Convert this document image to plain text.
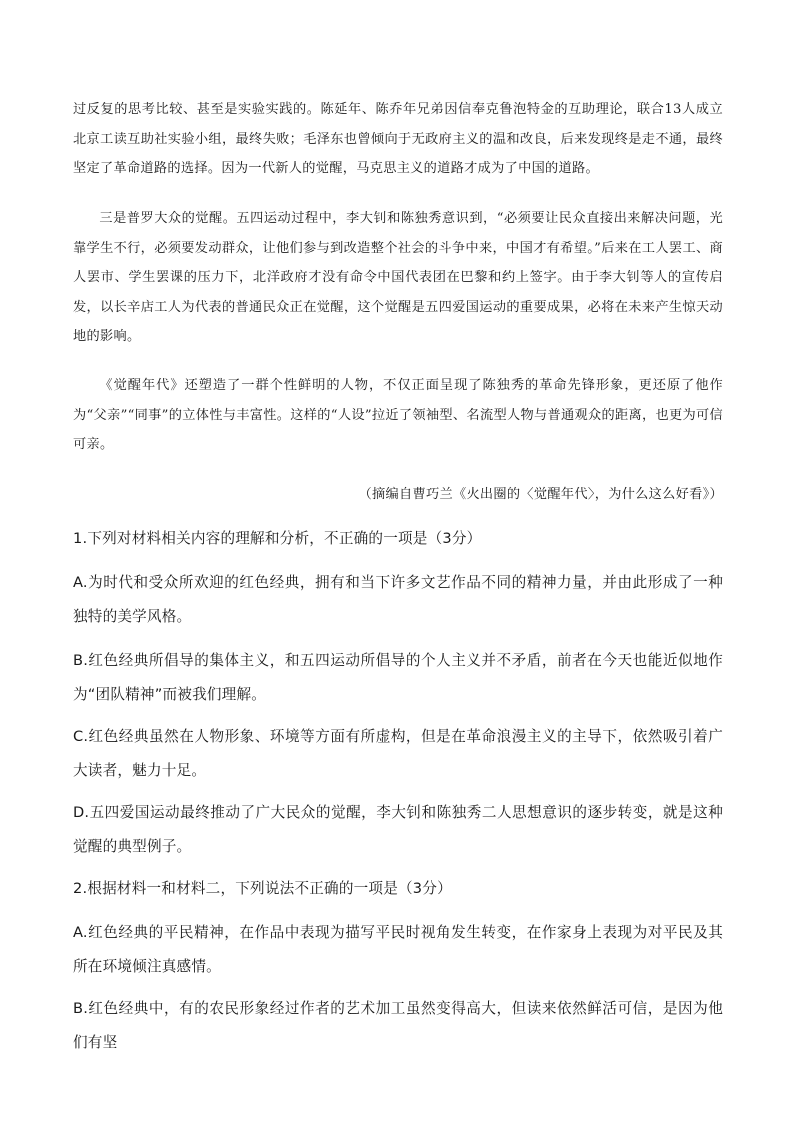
过反复的思考比较、甚至是实验实践的。陈延年、陈乔年兄弟因信奉克鲁泡特金的互助理论，联合13人成立北京工读互助社实验小组，最终失败；毛泽东也曾倾向于无政府主义的温和改良，后来发现终是走不通，最终坚定了革命道路的选择。因为一代新人的觉醒，马克思主义的道路才成为了中国的道路。

三是普罗大众的觉醒。五四运动过程中，李大钊和陈独秀意识到，“必须要让民众直接出来解决问题，光靠学生不行，必须要发动群众，让他们参与到改造整个社会的斗争中来，中国才有希望。”后来在工人罢工、商人罢市、学生罢课的压力下，北洋政府才没有命令中国代表团在巴黎和约上签字。由于李大钊等人的宣传启发，以长辛店工人为代表的普通民众正在觉醒，这个觉醒是五四爱国运动的重要成果，必将在未来产生惊天动地的影响。

《觉醒年代》还塑造了一群个性鲜明的人物，不仅正面呈现了陈独秀的革命先锋形象，更还原了他作为“父亲”“同事”的立体性与丰富性。这样的“人设”拉近了领袖型、名流型人物与普通观众的距离，也更为可信可亲。

（摘编自曹巧兰《火出圈的〈觉醒年代〉，为什么这么好看》）

1.下列对材料相关内容的理解和分析，不正确的一项是（3分）

A.为时代和受众所欢迎的红色经典，拥有和当下许多文艺作品不同的精神力量，并由此形成了一种独特的美学风格。

B.红色经典所倡导的集体主义，和五四运动所倡导的个人主义并不矛盾，前者在今天也能近似地作为“团队精神”而被我们理解。

C.红色经典虽然在人物形象、环境等方面有所虚构，但是在革命浪漫主义的主导下，依然吸引着广大读者，魅力十足。

D.五四爱国运动最终推动了广大民众的觉醒，李大钊和陈独秀二人思想意识的逐步转变，就是这种觉醒的典型例子。

2.根据材料一和材料二，下列说法不正确的一项是（3分）

A.红色经典的平民精神，在作品中表现为描写平民时视角发生转变，在作家身上表现为对平民及其所在环境倾注真感情。

B.红色经典中，有的农民形象经过作者的艺术加工虽然变得高大，但读来依然鲜活可信，是因为他们有坚
